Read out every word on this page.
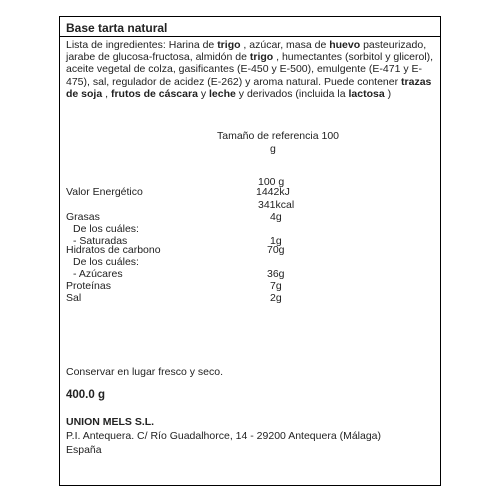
Base tarta natural
Lista de ingredientes: Harina de trigo , azúcar, masa de huevo pasteurizado, jarabe de glucosa-fructosa, almidón de trigo , humectantes (sorbitol y glicerol), aceite vegetal de colza, gasificantes (E-450 y E-500), emulgente (E-471 y E-475), sal, regulador de acidez (E-262) y aroma natural. Puede contener trazas de soja , frutos de cáscara y leche y derivados (incluida la lactosa )
Tamaño de referencia 100
g
100 g
Valor Energético	1442kJ
341kcal
Grasas	4g
De los cuáles:
- Saturadas	1g
Hidratos de carbono	70g
De los cuáles:
- Azúcares	36g
Proteínas	7g
Sal	2g
Conservar en lugar fresco y seco.
400.0 g
UNION MELS S.L.
P.I. Antequera. C/ Río Guadalhorce, 14 - 29200 Antequera (Málaga)
España
